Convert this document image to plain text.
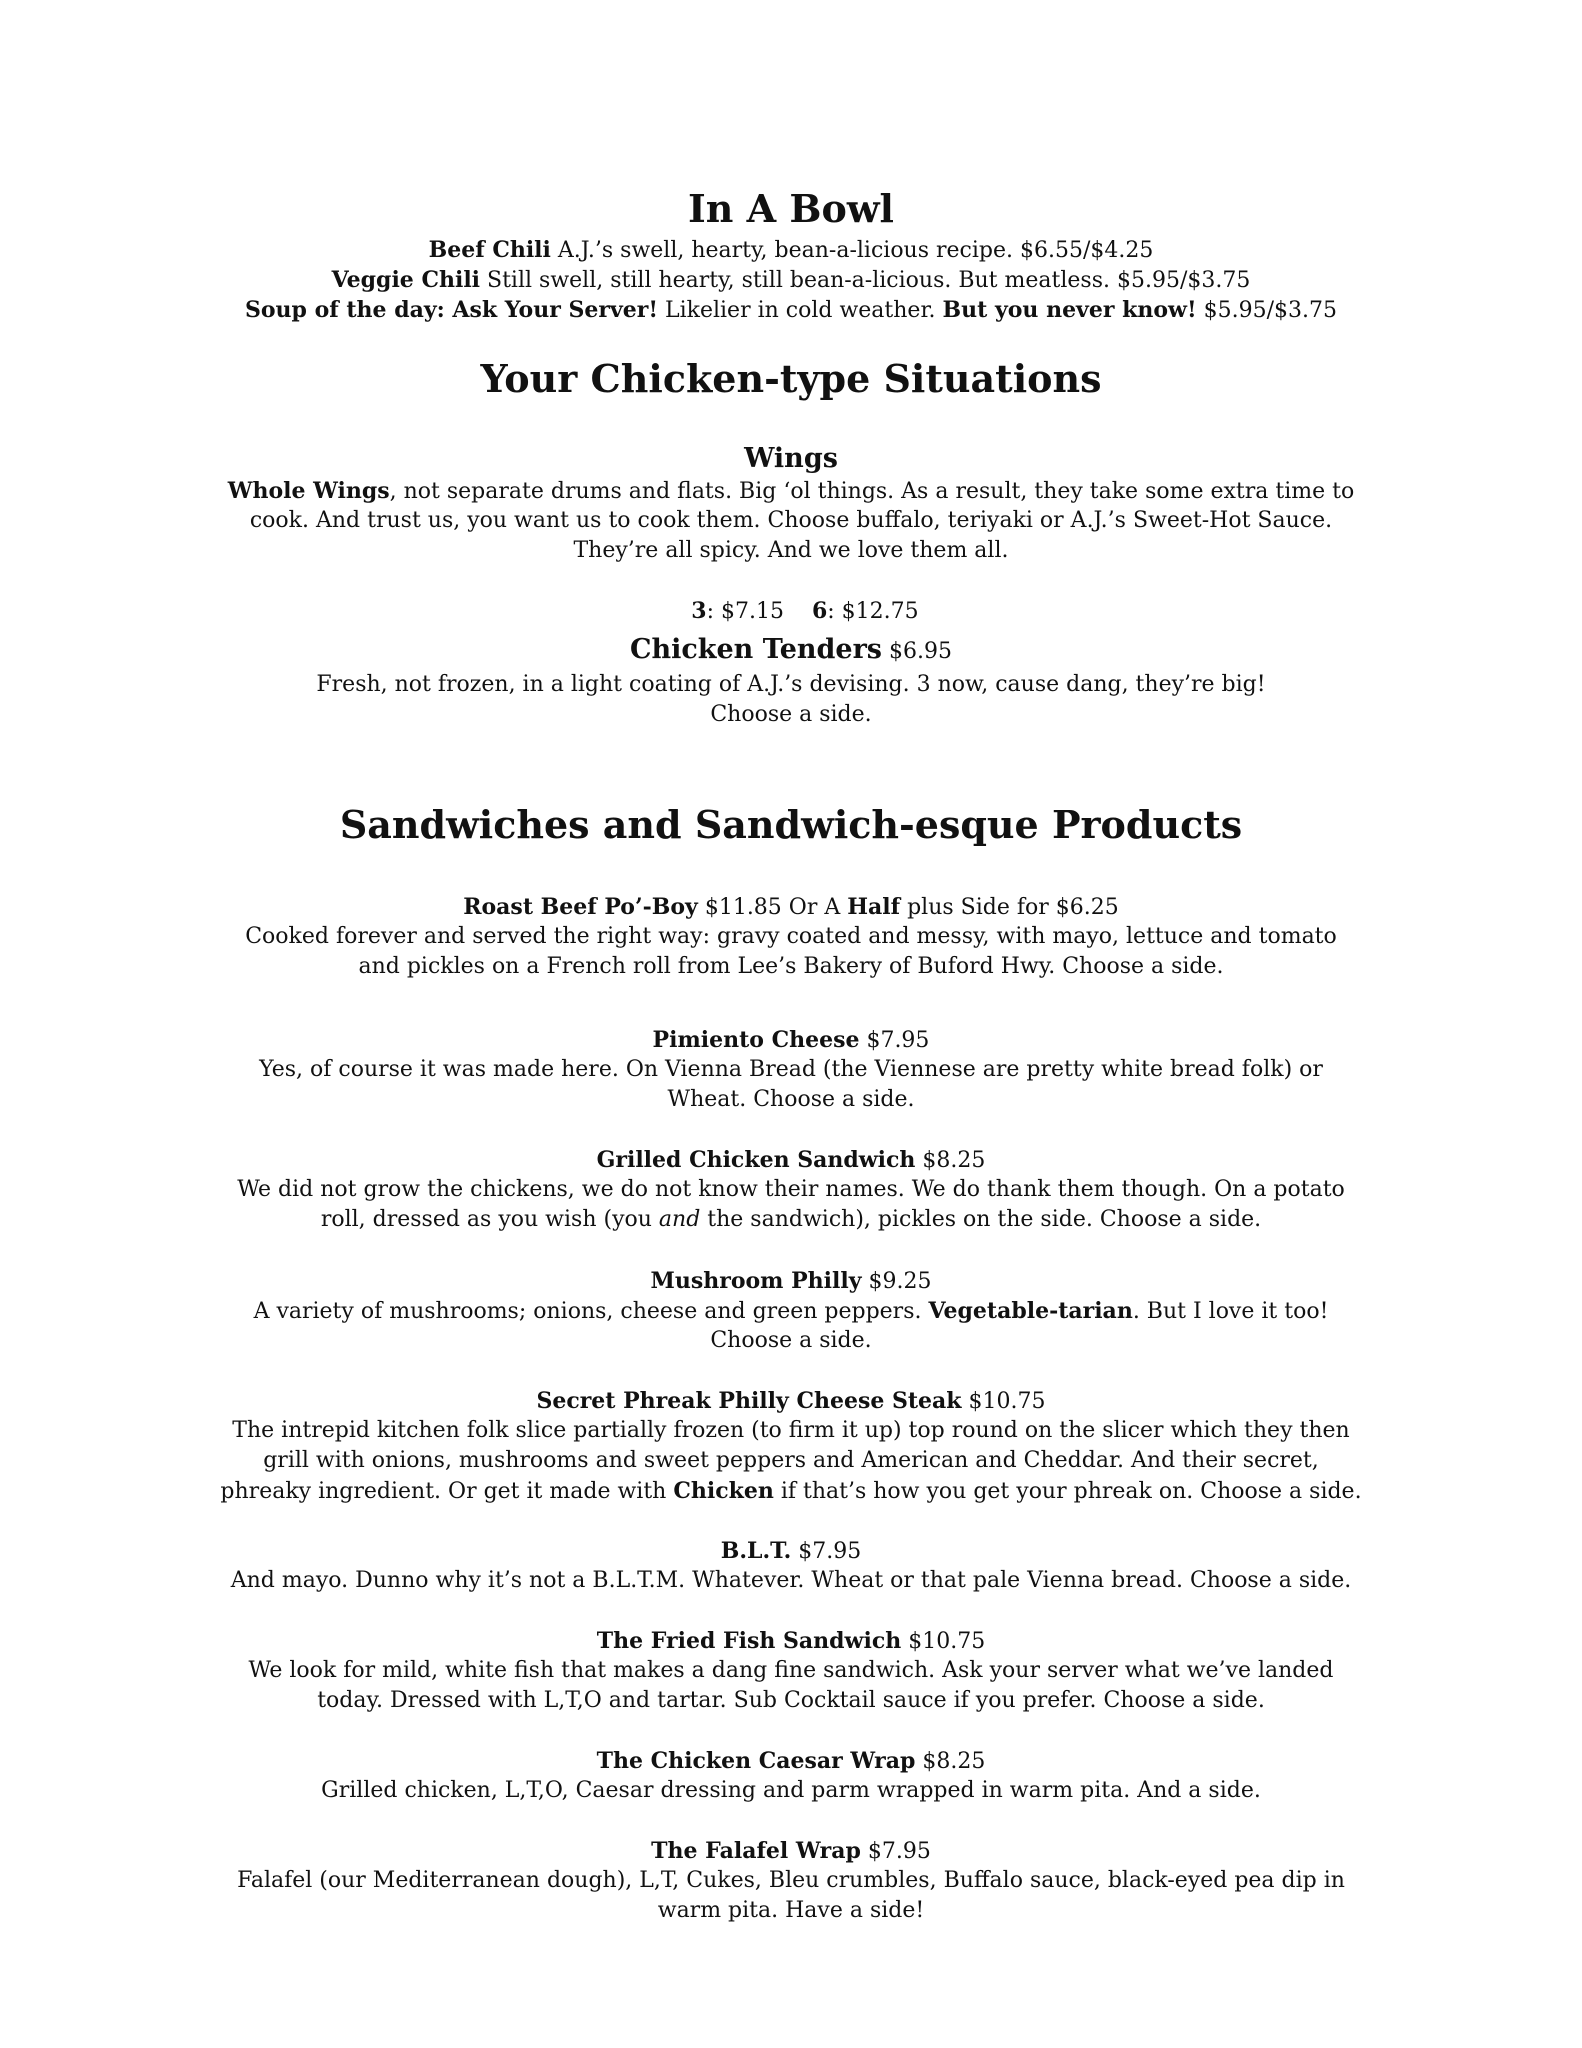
In A Bowl
Beef Chili A.J.’s swell, hearty, bean-a-licious recipe. $6.55/$4.25
Veggie Chili Still swell, still hearty, still bean-a-licious. But meatless. $5.95/$3.75
Soup of the day: Ask Your Server! Likelier in cold weather. But you never know! $5.95/$3.75
Your Chicken-type Situations
Wings
Whole Wings, not separate drums and flats. Big ‘ol things. As a result, they take some extra time to
cook. And trust us, you want us to cook them. Choose buffalo, teriyaki or A.J.’s Sweet-Hot Sauce.
They’re all spicy. And we love them all.

3: $7.15    6: $12.75

Chicken Tenders $6.95
Fresh, not frozen, in a light coating of A.J.’s devising. 3 now, cause dang, they’re big!
Choose a side.
Sandwiches and Sandwich-esque Products
Roast Beef Po’-Boy $11.85 Or A Half plus Side for $6.25
Cooked forever and served the right way: gravy coated and messy, with mayo, lettuce and tomato
and pickles on a French roll from Lee’s Bakery of Buford Hwy. Choose a side.
Pimiento Cheese $7.95
Yes, of course it was made here. On Vienna Bread (the Viennese are pretty white bread folk) or
Wheat. Choose a side.
Grilled Chicken Sandwich $8.25
We did not grow the chickens, we do not know their names. We do thank them though. On a potato
roll, dressed as you wish (you and the sandwich), pickles on the side. Choose a side.
Mushroom Philly $9.25
A variety of mushrooms; onions, cheese and green peppers. Vegetable-tarian. But I love it too!
Choose a side.
Secret Phreak Philly Cheese Steak $10.75
The intrepid kitchen folk slice partially frozen (to firm it up) top round on the slicer which they then
grill with onions, mushrooms and sweet peppers and American and Cheddar. And their secret,
phreaky ingredient. Or get it made with Chicken if that’s how you get your phreak on. Choose a side.
B.L.T. $7.95
And mayo. Dunno why it’s not a B.L.T.M. Whatever. Wheat or that pale Vienna bread. Choose a side.
The Fried Fish Sandwich $10.75
We look for mild, white fish that makes a dang fine sandwich. Ask your server what we’ve landed
today. Dressed with L,T,O and tartar. Sub Cocktail sauce if you prefer. Choose a side.
The Chicken Caesar Wrap $8.25
Grilled chicken, L,T,O, Caesar dressing and parm wrapped in warm pita. And a side.
The Falafel Wrap $7.95
Falafel (our Mediterranean dough), L,T, Cukes, Bleu crumbles, Buffalo sauce, black-eyed pea dip in
warm pita. Have a side!
